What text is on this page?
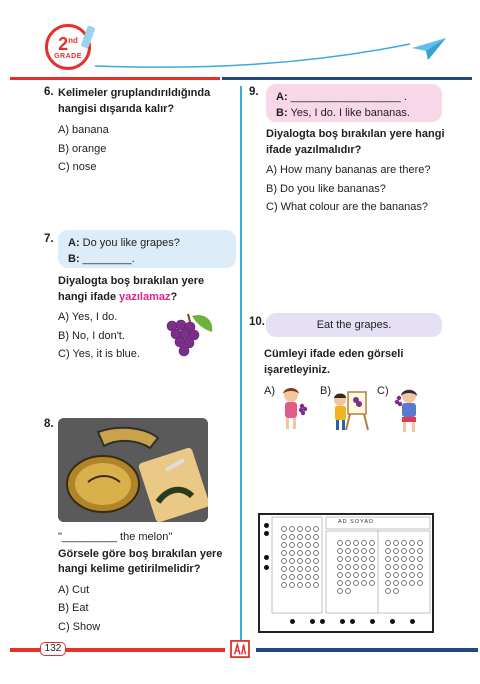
2nd
GRADE
6. Kelimeler gruplandırıldığında hangisi dışarıda kalır?
A) banana
B) orange
C) nose
7. A: Do you like grapes?
B: ________.
Diyalogta boş bırakılan yere hangi ifade yazılamaz?
A) Yes, I do.
B) No, I don't.
C) Yes, it is blue.
8.
"_________ the melon"
Görsele göre boş bırakılan yere hangi kelime getirilmelidir?
A) Cut
B) Eat
C) Show
9. A: __________________ .
B: Yes, I do. I like bananas.
Diyalogta boş bırakılan yere hangi ifade yazılmalıdır?
A) How many bananas are there?
B) Do you like bananas?
C) What colour are the bananas?
10.	Eat the grapes.
Cümleyi ifade eden görseli işaretleyiniz.
A)	B)	C)
AD SOYAD

132
